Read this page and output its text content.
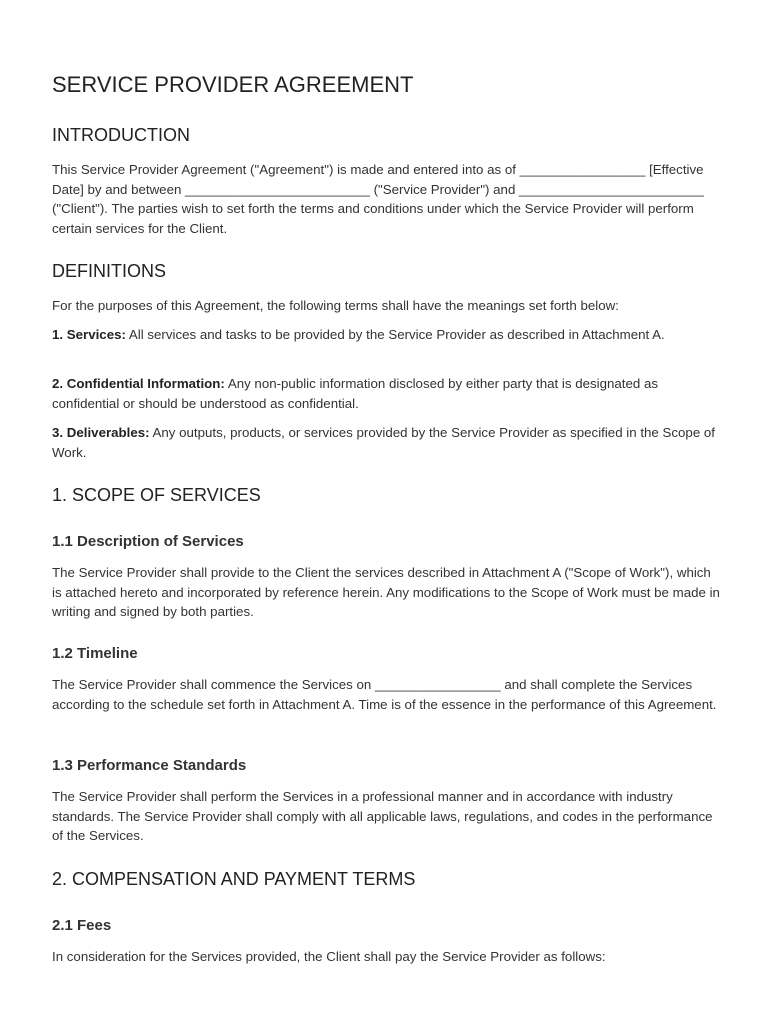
SERVICE PROVIDER AGREEMENT
INTRODUCTION
This Service Provider Agreement ("Agreement") is made and entered into as of _________________ [Effective Date] by and between _________________________ ("Service Provider") and _________________________ ("Client"). The parties wish to set forth the terms and conditions under which the Service Provider will perform certain services for the Client.
DEFINITIONS
For the purposes of this Agreement, the following terms shall have the meanings set forth below:
1. Services: All services and tasks to be provided by the Service Provider as described in Attachment A.
2. Confidential Information: Any non-public information disclosed by either party that is designated as confidential or should be understood as confidential.
3. Deliverables: Any outputs, products, or services provided by the Service Provider as specified in the Scope of Work.
1. SCOPE OF SERVICES
1.1 Description of Services
The Service Provider shall provide to the Client the services described in Attachment A ("Scope of Work"), which is attached hereto and incorporated by reference herein. Any modifications to the Scope of Work must be made in writing and signed by both parties.
1.2 Timeline
The Service Provider shall commence the Services on _________________ and shall complete the Services according to the schedule set forth in Attachment A. Time is of the essence in the performance of this Agreement.
1.3 Performance Standards
The Service Provider shall perform the Services in a professional manner and in accordance with industry standards. The Service Provider shall comply with all applicable laws, regulations, and codes in the performance of the Services.
2. COMPENSATION AND PAYMENT TERMS
2.1 Fees
In consideration for the Services provided, the Client shall pay the Service Provider as follows:
